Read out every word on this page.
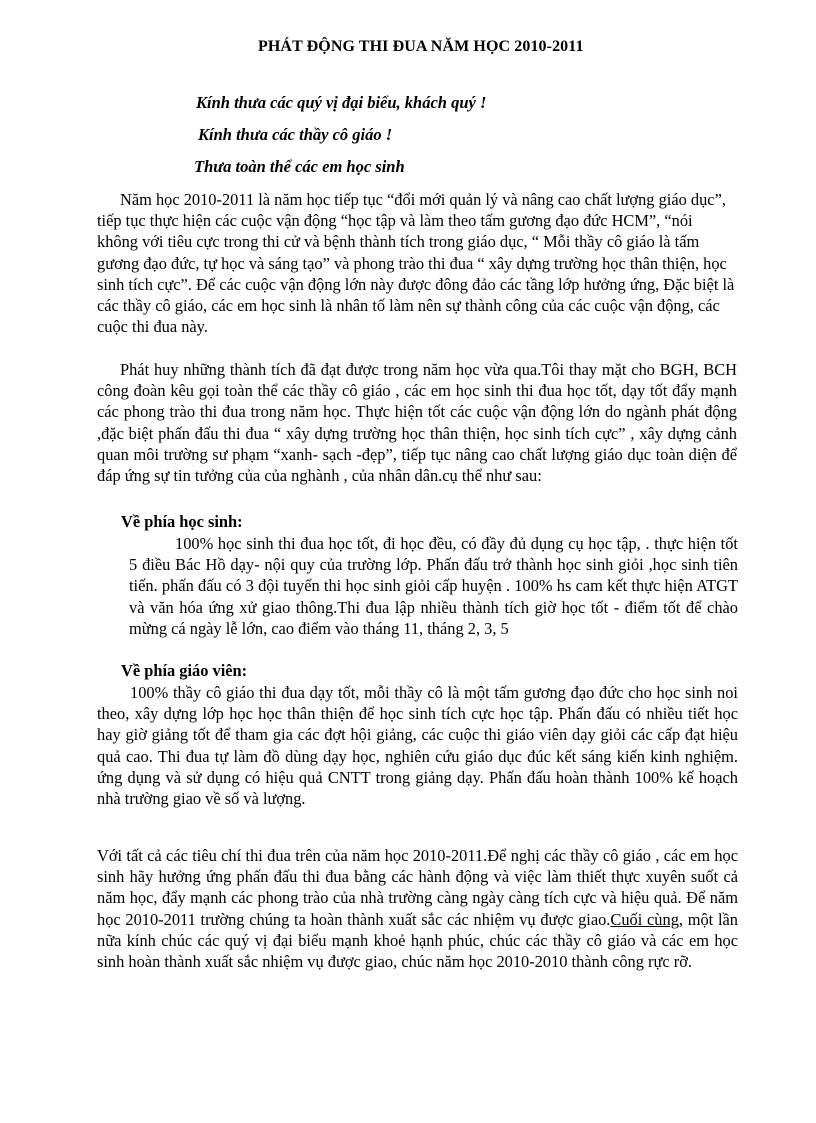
PHÁT ĐỘNG THI ĐUA NĂM HỌC 2010-2011
Kính thưa các quý vị đại biểu, khách quý !
Kính thưa các thầy cô giáo !
Thưa toàn thể các em học sinh

Năm học 2010-2011 là năm học tiếp tục “đổi mới quản lý và nâng cao chất lượng giáo dục”, tiếp tục thực hiện các cuộc vận động “học tập và làm theo tấm gương đạo đức HCM”, “nói không với tiêu cực trong thi cử và bệnh thành tích trong giáo dục, “ Mỗi thầy cô giáo là tấm gương đạo đức, tự học và sáng tạo” và phong trào thi đua “ xây dựng trường học thân thiện, học sinh tích cực”. Để các cuộc vận động lớn này được đông đảo các tầng lớp hưởng ứng, Đặc biệt là các thầy cô giáo, các em học sinh là nhân tố làm nên sự thành công của các cuộc vận động, các cuộc thi đua này.

Phát huy những thành tích đã đạt được trong năm học vừa qua.Tôi thay mặt cho BGH, BCH công đoàn kêu gọi toàn thể các thầy cô giáo , các em học sinh thi đua học tốt, dạy tốt đẩy mạnh các phong trào thi đua trong năm học. Thực hiện tốt các cuộc vận động lớn do ngành phát động ,đặc biệt phấn đấu thi đua “ xây dựng trường học thân thiện, học sinh tích cực” , xây dựng cảnh quan môi trường sư phạm “xanh- sạch -đẹp”, tiếp tục nâng cao chất lượng giáo dục toàn diện để đáp ứng sự tin tưởng của của nghành , của nhân dân.cụ thể như sau:

Về phía học sinh:

100% học sinh thi đua học tốt, đi học đều, có đầy đủ dụng cụ học tập, . thực hiện tốt 5 điều Bác Hồ dạy- nội quy của trường lớp. Phấn đấu trở thành học sinh giỏi ,học sinh tiên tiến. phấn đấu có 3 đội tuyển thi học sinh giỏi cấp huyện . 100% hs cam kết thực hiện ATGT và văn hóa ứng xử giao thông.Thi đua lập nhiều thành tích giờ học tốt - điểm tốt để chào mừng cá ngày lễ lớn, cao điểm vào tháng 11, tháng 2, 3, 5

Về phía giáo viên:

100% thầy cô giáo thi đua dạy tốt, mỗi thầy cô là một tấm gương đạo đức cho học sinh noi theo, xây dựng lớp học học thân thiện để học sinh tích cực học tập. Phấn đấu có nhiều tiết học hay giờ giảng tốt để tham gia các đợt hội giảng, các cuộc thi giáo viên dạy giỏi các cấp đạt hiệu quả cao. Thi đua tự làm đồ dùng dạy học, nghiên cứu giáo dục đúc kết sáng kiến kinh nghiệm. ứng dụng và sử dụng có hiệu quả CNTT trong giảng dạy. Phấn đấu hoàn thành 100% kế hoạch nhà trường giao về số và lượng.

Với tất cả các tiêu chí thi đua trên của năm học 2010-2011.Để nghị các thầy cô giáo , các em học sinh hãy hưởng ứng phấn đấu thi đua bằng các hành động và việc làm thiết thực xuyên suốt cả năm học, đẩy mạnh các phong trào của nhà trường càng ngày càng tích cực và hiệu quả. Để năm học 2010-2011 trường chúng ta hoàn thành xuất sắc các nhiệm vụ được giao.Cuối cùng, một lần nữa kính chúc các quý vị đại biểu mạnh khoẻ hạnh phúc, chúc các thầy cô giáo và các em học sinh hoàn thành xuất sắc nhiệm vụ được giao, chúc năm học 2010-2010 thành công rực rỡ.
